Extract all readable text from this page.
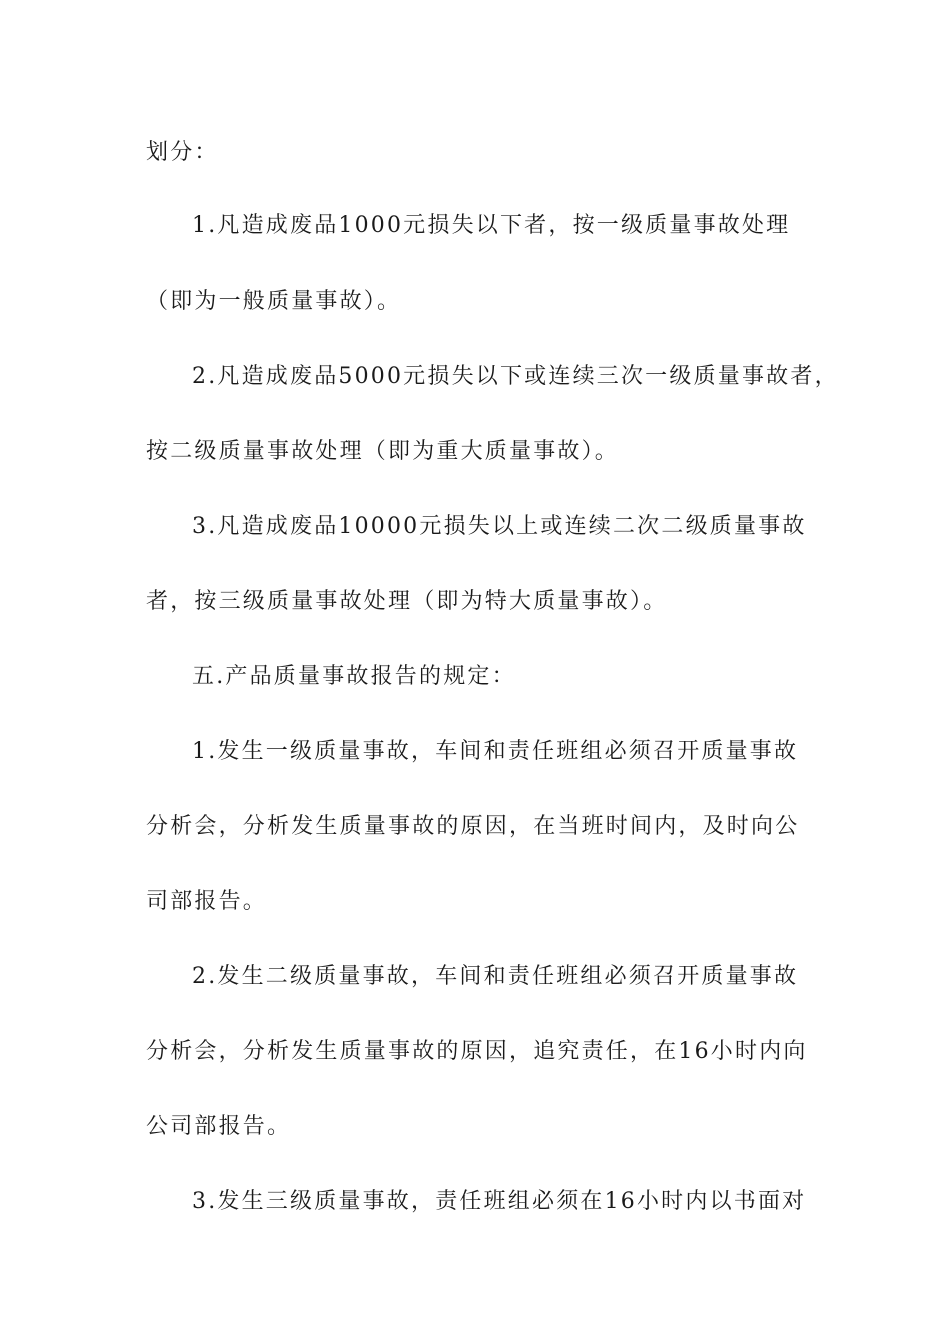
划分：
1.凡造成废品1000元损失以下者，按一级质量事故处理
（即为一般质量事故）。
2.凡造成废品5000元损失以下或连续三次一级质量事故者，
按二级质量事故处理（即为重大质量事故）。
3.凡造成废品10000元损失以上或连续二次二级质量事故
者，按三级质量事故处理（即为特大质量事故）。
五.产品质量事故报告的规定：
1.发生一级质量事故，车间和责任班组必须召开质量事故
分析会，分析发生质量事故的原因，在当班时间内，及时向公
司部报告。
2.发生二级质量事故，车间和责任班组必须召开质量事故
分析会，分析发生质量事故的原因，追究责任，在16小时内向
公司部报告。
3.发生三级质量事故，责任班组必须在16小时内以书面对
